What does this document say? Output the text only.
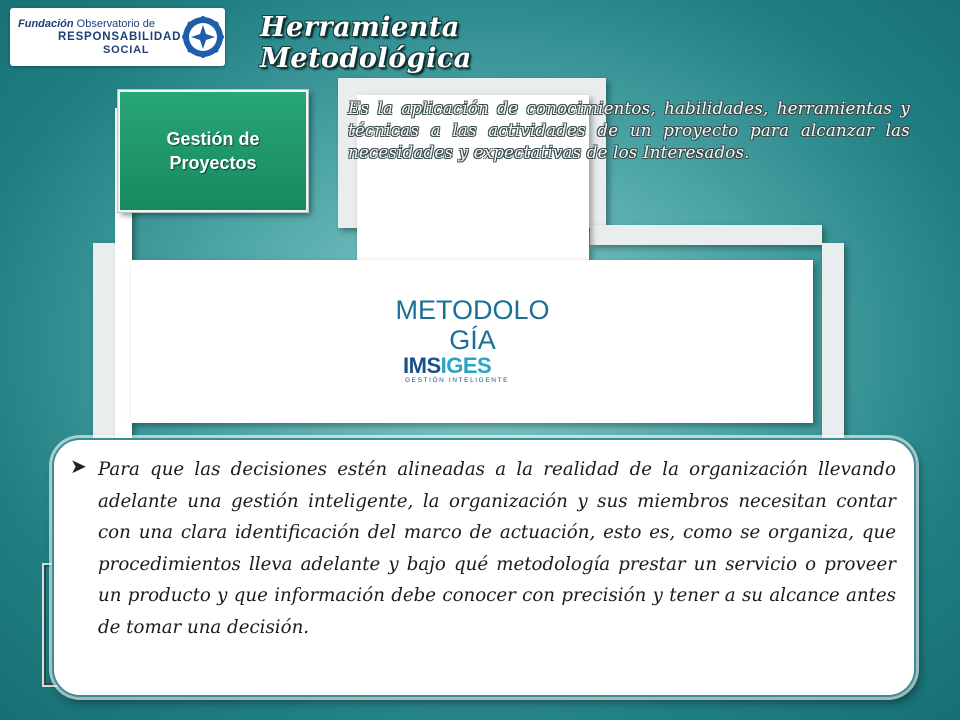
Fundación Observatorio de
RESPONSABILIDAD
SOCIAL
Herramienta Metodológica
Gestión de Proyectos
Es la aplicación de conocimientos, habilidades, herramientas y técnicas a las actividades de un proyecto para alcanzar las necesidades y expectativas de los Interesados.
METODOLO
GÍA
IMSIGES
GESTIÓN INTELIGENTE
➤ Para que las decisiones estén alineadas a la realidad de la organización llevando adelante una gestión inteligente, la organización y sus miembros necesitan contar con una clara identificación del marco de actuación, esto es, como se organiza, que procedimientos lleva adelante y bajo qué metodología prestar un servicio o proveer un producto y que información debe conocer con precisión y tener a su alcance antes de tomar una decisión.
